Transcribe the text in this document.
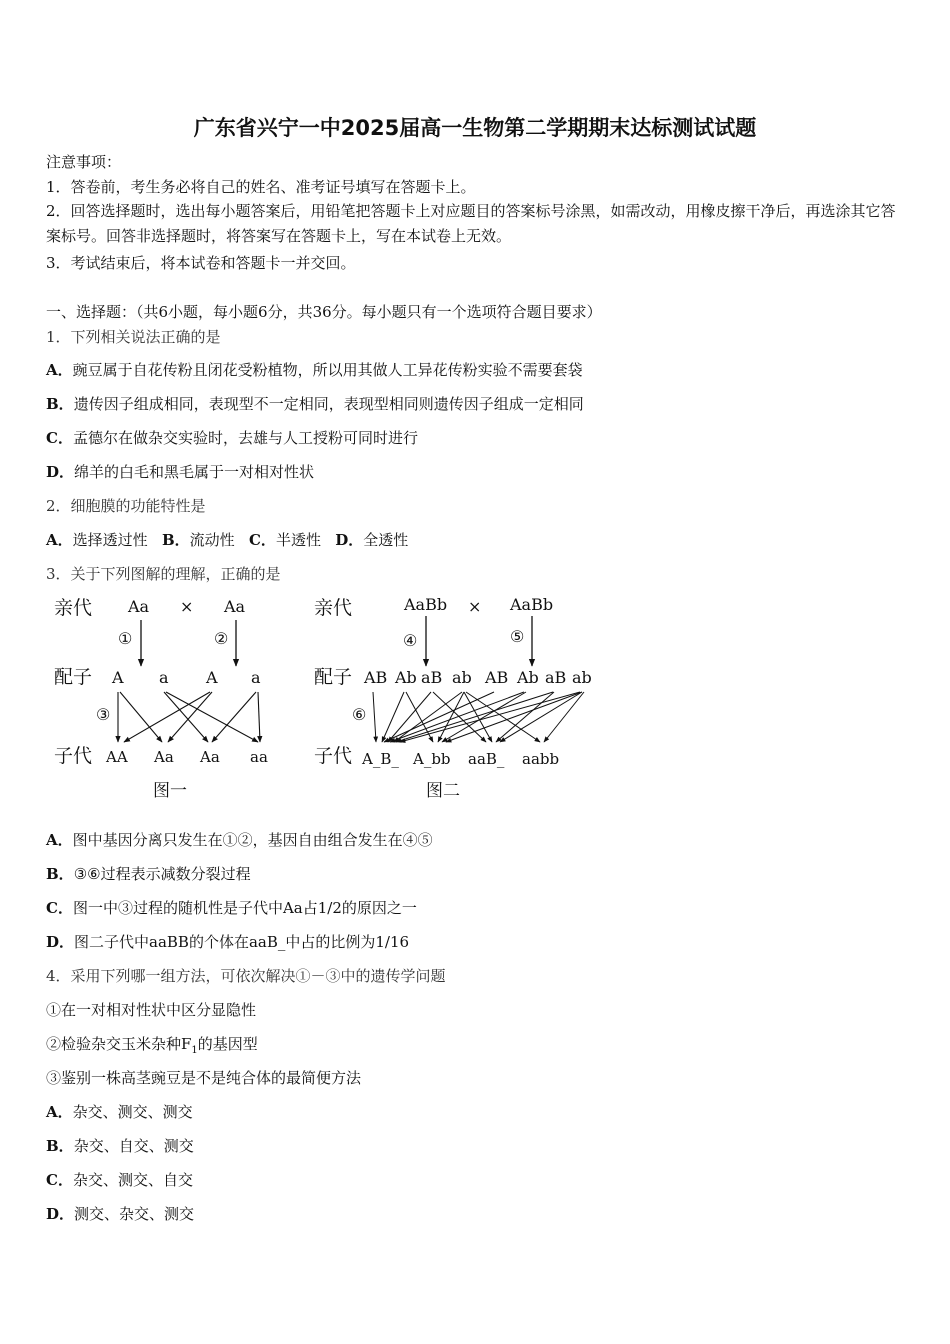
广东省兴宁一中2025届高一生物第二学期期末达标测试试题
注意事项：
1．答卷前，考生务必将自己的姓名、准考证号填写在答题卡上。
2．回答选择题时，选出每小题答案后，用铅笔把答题卡上对应题目的答案标号涂黑，如需改动，用橡皮擦干净后，再选涂其它答案标号。回答非选择题时，将答案写在答题卡上，写在本试卷上无效。
3．考试结束后，将本试卷和答题卡一并交回。
一、选择题：（共6小题，每小题6分，共36分。每小题只有一个选项符合题目要求）
1．下列相关说法正确的是
A．豌豆属于自花传粉且闭花受粉植物，所以用其做人工异花传粉实验不需要套袋
B．遗传因子组成相同，表现型不一定相同，表现型相同则遗传因子组成一定相同
C．孟德尔在做杂交实验时，去雄与人工授粉可同时进行
D．绵羊的白毛和黑毛属于一对相对性状
2．细胞膜的功能特性是
A．选择透过性 B．流动性 C．半透性 D．全透性
3．关于下列图解的理解，正确的是
亲代 Aa × Aa
①	②
配子 A a A a
③
子代 AA Aa Aa aa
图一
亲代	AaBb × AaBb
④	⑤
配子 AB Ab aB ab AB Ab aB ab
⑥
子代 A_B_ A_bb aaB_ aabb
图二
A．图中基因分离只发生在①②，基因自由组合发生在④⑤
B．③⑥过程表示减数分裂过程
C．图一中③过程的随机性是子代中Aa占1/2的原因之一
D．图二子代中aaBB的个体在aaB_中占的比例为1/16
4．采用下列哪一组方法，可依次解决①－③中的遗传学问题
①在一对相对性状中区分显隐性
②检验杂交玉米杂种$F_1$的基因型
③鉴别一株高茎豌豆是不是纯合体的最简便方法
A．杂交、测交、测交
B．杂交、自交、测交
C．杂交、测交、自交
D．测交、杂交、测交
